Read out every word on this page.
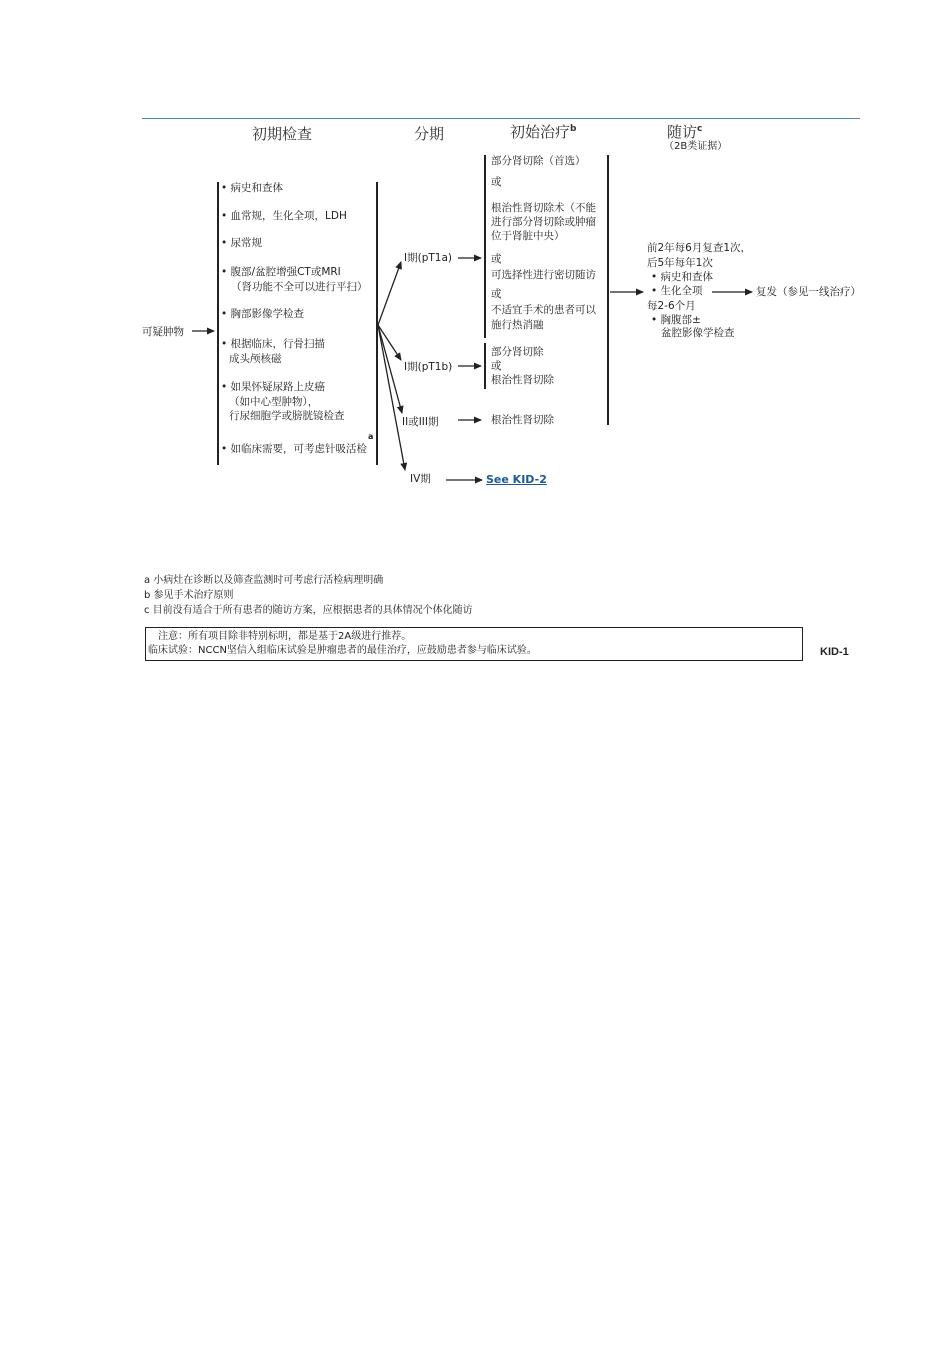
初期检查	分期	初始治疗$^b$	随访$^c$
（2B类证据）
可疑肿物
• 病史和查体
• 血常规，生化全项，LDH
• 尿常规
• 腹部/盆腔增强CT或MRI
（肾功能不全可以进行平扫）
• 胸部影像学检查
• 根据临床，行骨扫描
成头颅核磁
• 如果怀疑尿路上皮癌
（如中心型肿物），
行尿细胞学或膀胱镜检查
• 如临床需要，可考虑针吸活检
a
I期(pT1a)
I期(pT1b)
II或III期
IV期
部分肾切除（首选）
或
根治性肾切除术（不能
进行部分肾切除或肿瘤
位于肾脏中央）
或
可选择性进行密切随访
或
不适宜手术的患者可以
施行热消融
部分肾切除
或
根治性肾切除
根治性肾切除
See KID-2
前2年每6月复查1次，
后5年每年1次
• 病史和查体
• 生化全项
每2-6个月
• 胸腹部±
盆腔影像学检查
复发（参见一线治疗）
a 小病灶在诊断以及筛查监测时可考虑行活检病理明确
b 参见手术治疗原则
c 目前没有适合于所有患者的随访方案，应根据患者的具体情况个体化随访
注意：所有项目除非特别标明，都是基于2A级进行推荐。
临床试验：NCCN坚信入组临床试验是肿瘤患者的最佳治疗，应鼓励患者参与临床试验。	KID-1
